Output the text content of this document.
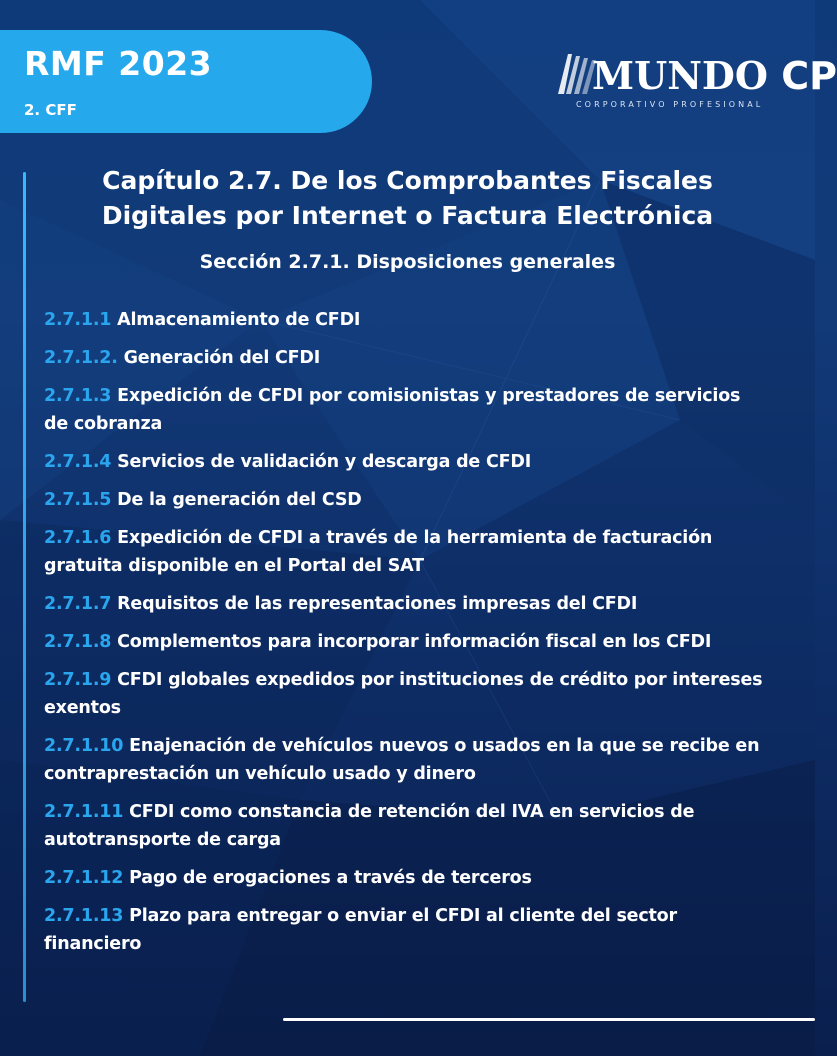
RMF 2023
2. CFF
MUNDO CP
CORPORATIVO PROFESIONAL
Capítulo 2.7. De los Comprobantes Fiscales
Digitales por Internet o Factura Electrónica
Sección 2.7.1. Disposiciones generales
2.7.1.1 Almacenamiento de CFDI
2.7.1.2. Generación del CFDI
2.7.1.3 Expedición de CFDI por comisionistas y prestadores de servicios de cobranza
2.7.1.4 Servicios de validación y descarga de CFDI
2.7.1.5 De la generación del CSD
2.7.1.6 Expedición de CFDI a través de la herramienta de facturación gratuita disponible en el Portal del SAT
2.7.1.7 Requisitos de las representaciones impresas del CFDI
2.7.1.8 Complementos para incorporar información fiscal en los CFDI
2.7.1.9 CFDI globales expedidos por instituciones de crédito por intereses exentos
2.7.1.10 Enajenación de vehículos nuevos o usados en la que se recibe en contraprestación un vehículo usado y dinero
2.7.1.11 CFDI como constancia de retención del IVA en servicios de autotransporte de carga
2.7.1.12 Pago de erogaciones a través de terceros
2.7.1.13 Plazo para entregar o enviar el CFDI al cliente del sector financiero
